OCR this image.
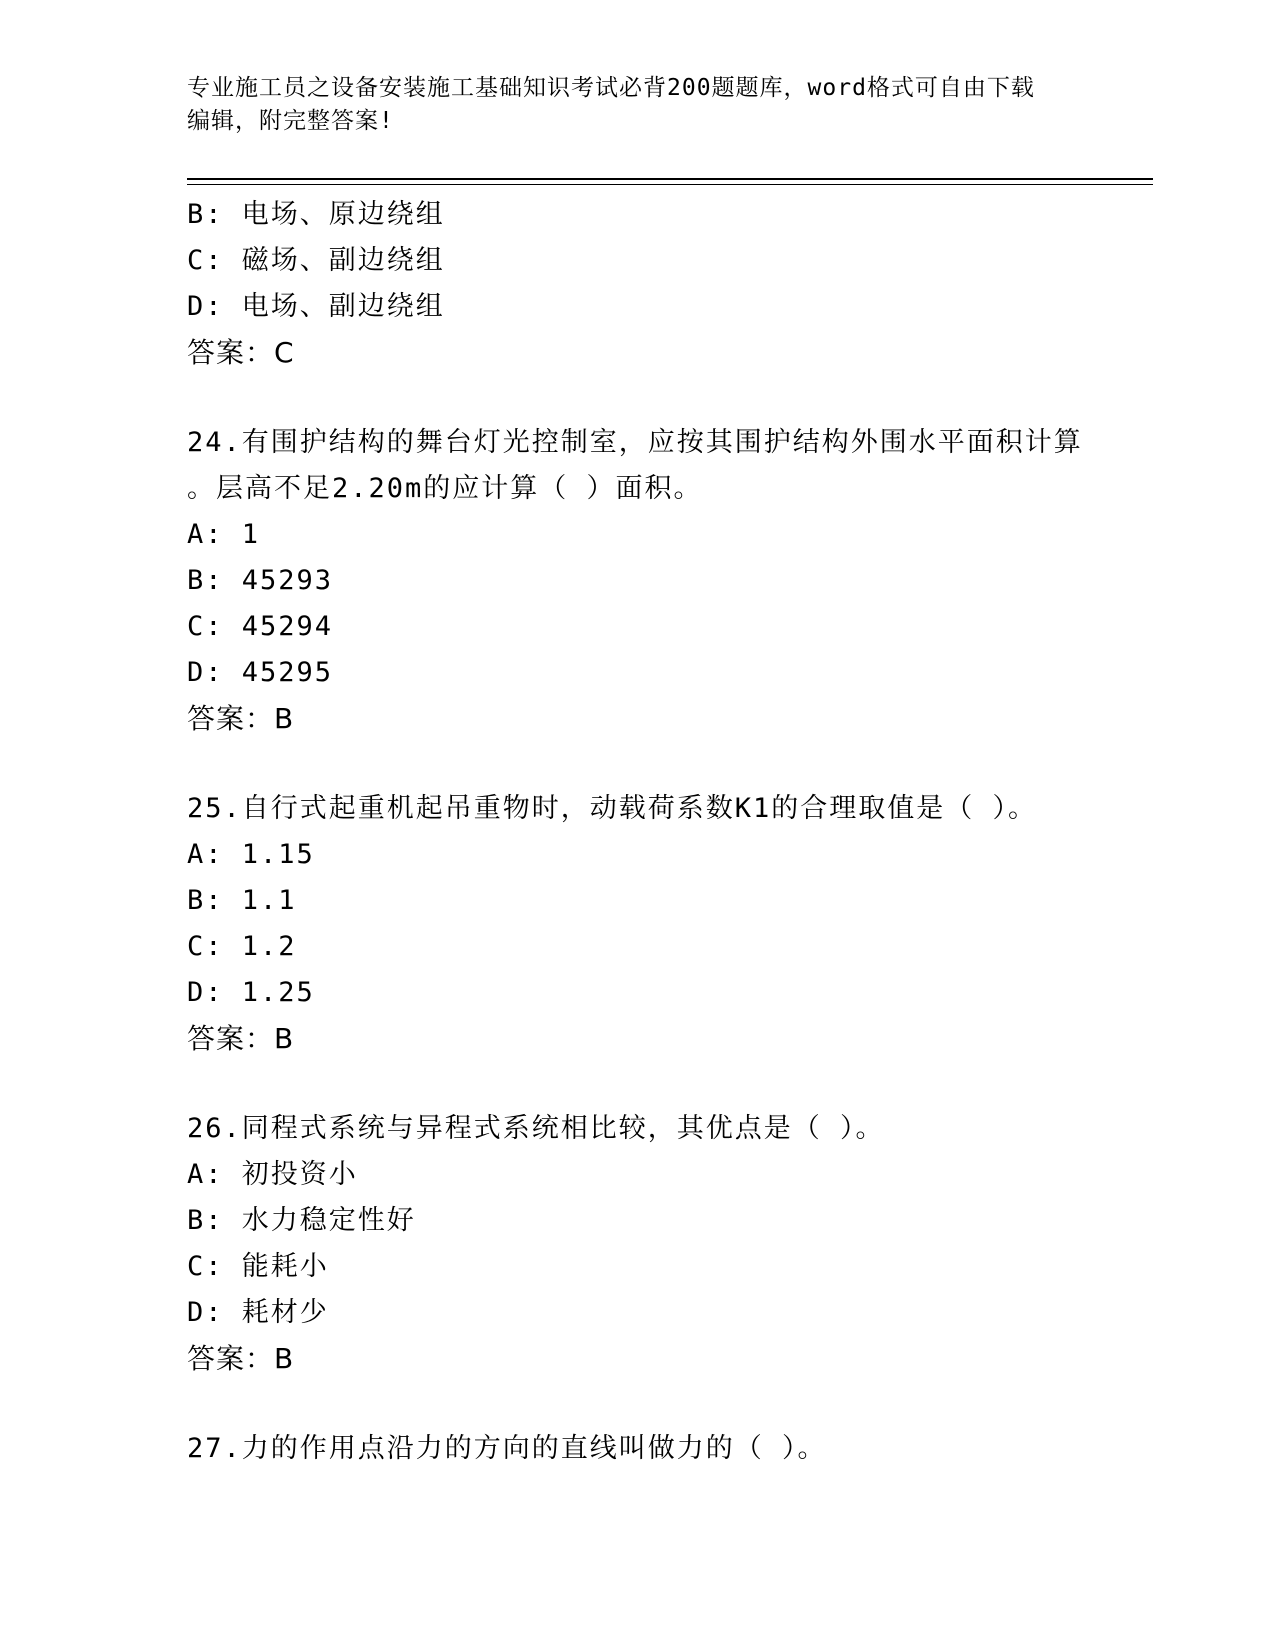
专业施工员之设备安装施工基础知识考试必背200题题库，word格式可自由下载
编辑，附完整答案!
B: 电场、原边绕组
C: 磁场、副边绕组
D: 电场、副边绕组
答案：C
24.有围护结构的舞台灯光控制室，应按其围护结构外围水平面积计算
。层高不足2.20m的应计算（ ）面积。
A: 1
B: 45293
C: 45294
D: 45295
答案：B
25.自行式起重机起吊重物时，动载荷系数K1的合理取值是（ ）。
A: 1.15
B: 1.1
C: 1.2
D: 1.25
答案：B
26.同程式系统与异程式系统相比较，其优点是（ ）。
A: 初投资小
B: 水力稳定性好
C: 能耗小
D: 耗材少
答案：B
27.力的作用点沿力的方向的直线叫做力的（ ）。
